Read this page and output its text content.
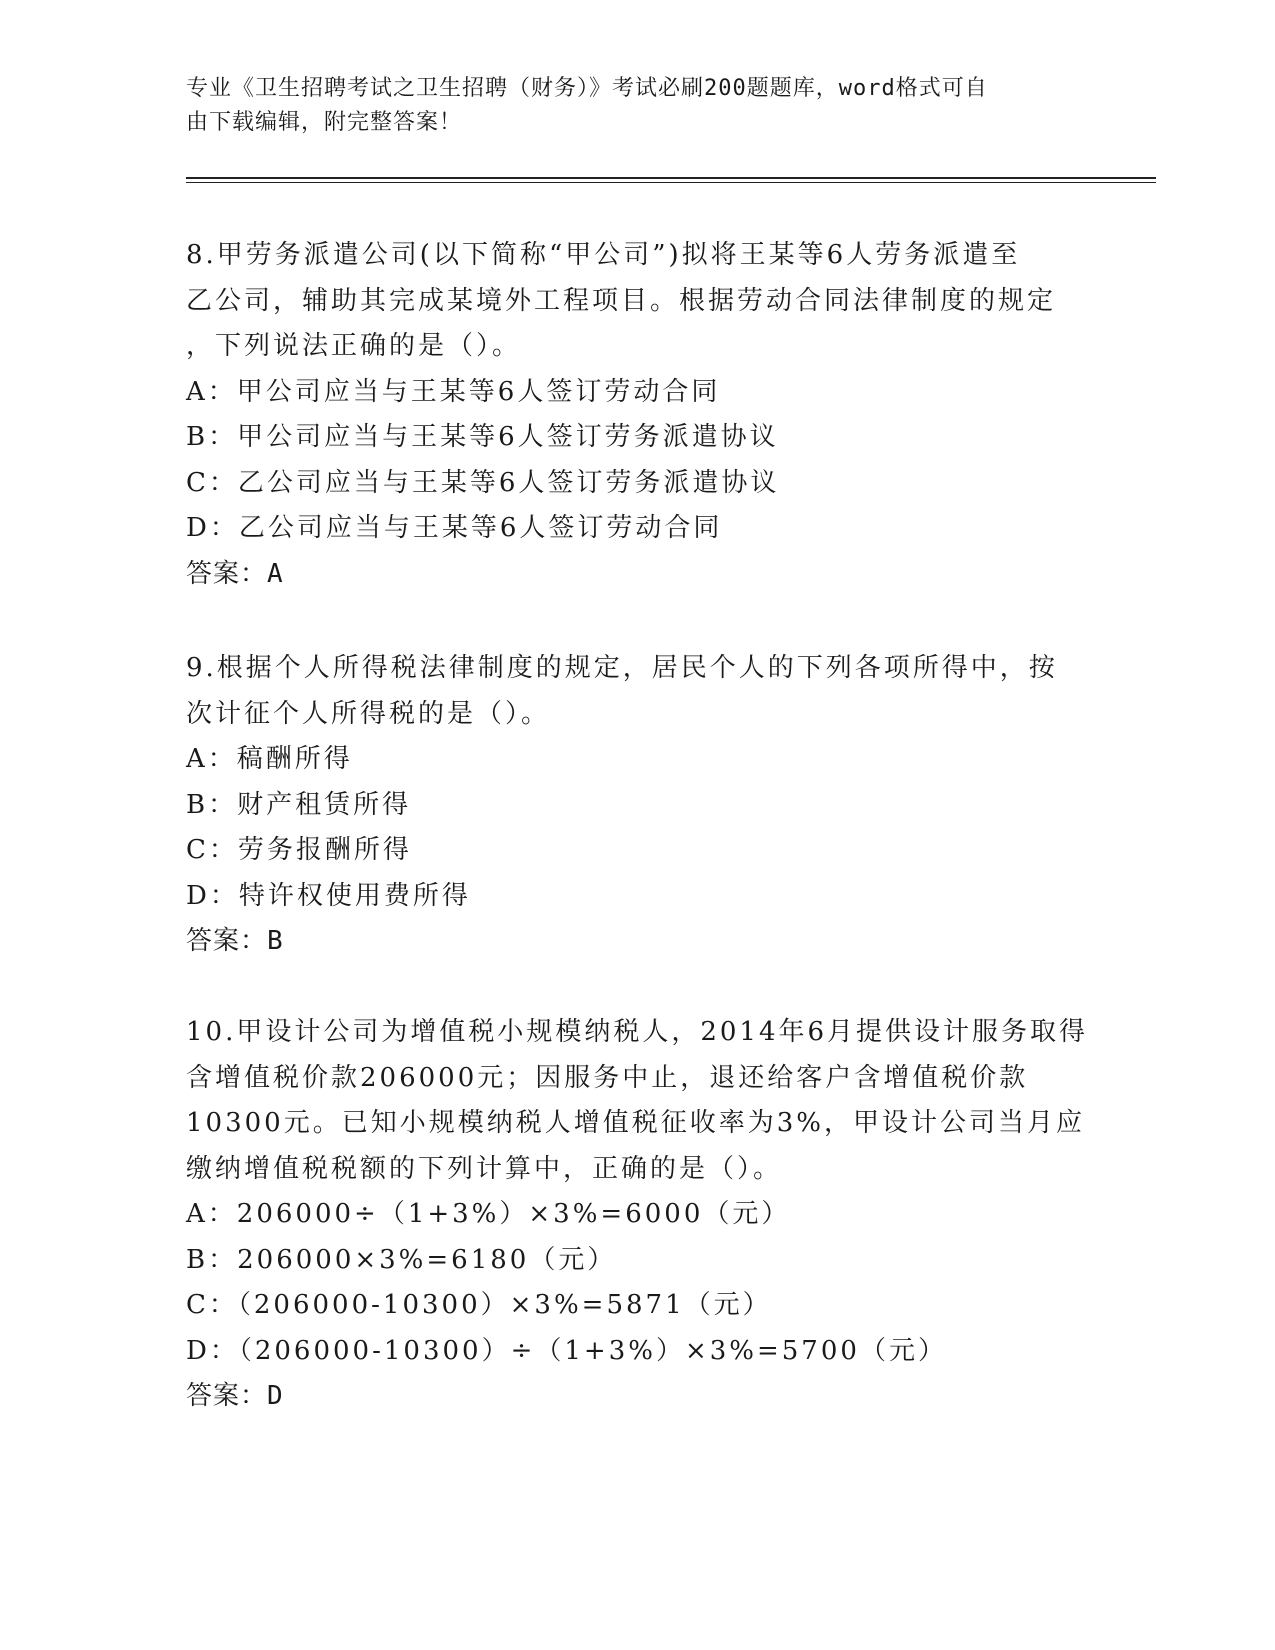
专业《卫生招聘考试之卫生招聘（财务）》考试必刷200题题库，word格式可自
由下载编辑，附完整答案！
8.甲劳务派遣公司(以下简称“甲公司”)拟将王某等6人劳务派遣至
乙公司，辅助其完成某境外工程项目。根据劳动合同法律制度的规定
，下列说法正确的是（）。
A：甲公司应当与王某等6人签订劳动合同
B：甲公司应当与王某等6人签订劳务派遣协议
C：乙公司应当与王某等6人签订劳务派遣协议
D：乙公司应当与王某等6人签订劳动合同
答案：A
9.根据个人所得税法律制度的规定，居民个人的下列各项所得中，按
次计征个人所得税的是（）。
A：稿酬所得
B：财产租赁所得
C：劳务报酬所得
D：特许权使用费所得
答案：B
10.甲设计公司为增值税小规模纳税人，2014年6月提供设计服务取得
含增值税价款206000元；因服务中止，退还给客户含增值税价款
10300元。已知小规模纳税人增值税征收率为3%，甲设计公司当月应
缴纳增值税税额的下列计算中，正确的是（）。
A：206000÷（1+3%）×3%=6000（元）
B：206000×3%=6180（元）
C：（206000-10300）×3%=5871（元）
D：（206000-10300）÷（1+3%）×3%=5700（元）
答案：D
